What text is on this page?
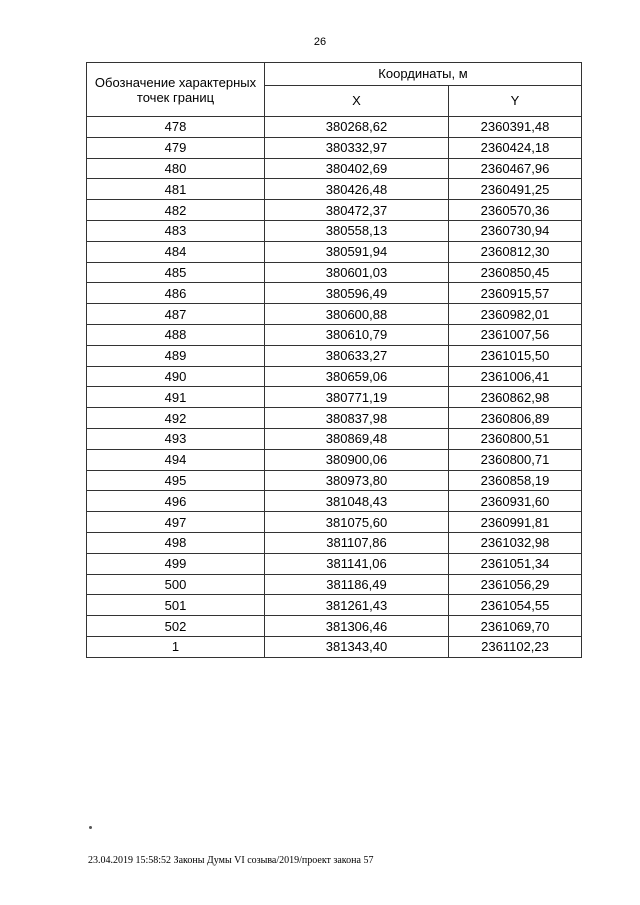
26
Обозначение характерных точек границ	Координаты, м	
	X	Y
478	380268,62	2360391,48
479	380332,97	2360424,18
480	380402,69	2360467,96
481	380426,48	2360491,25
482	380472,37	2360570,36
483	380558,13	2360730,94
484	380591,94	2360812,30
485	380601,03	2360850,45
486	380596,49	2360915,57
487	380600,88	2360982,01
488	380610,79	2361007,56
489	380633,27	2361015,50
490	380659,06	2361006,41
491	380771,19	2360862,98
492	380837,98	2360806,89
493	380869,48	2360800,51
494	380900,06	2360800,71
495	380973,80	2360858,19
496	381048,43	2360931,60
497	381075,60	2360991,81
498	381107,86	2361032,98
499	381141,06	2361051,34
500	381186,49	2361056,29
501	381261,43	2361054,55
502	381306,46	2361069,70
1	381343,40	2361102,23
23.04.2019 15:58:52 Законы Думы VI созыва/2019/проект закона 57
